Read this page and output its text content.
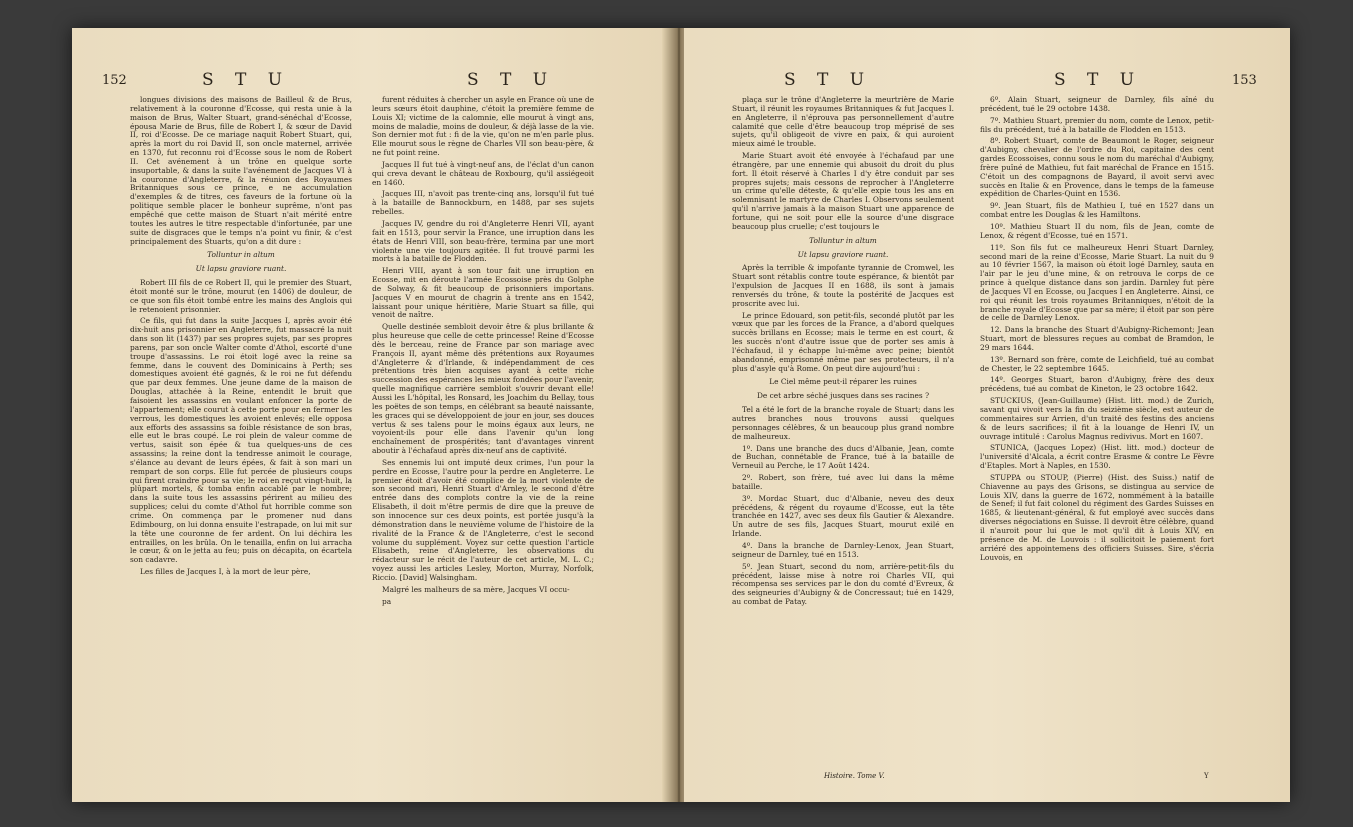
152	S T U	S T U

longues divisions des maisons de Bailleul & de Brus, relativement à la couronne d'Ecosse, qui resta unie à la maison de Brus, Walter Stuart, grand-sénéchal d'Ecosse, épousa Marie de Brus, fille de Robert I, & sœur de David II, roi d'Ecosse. De ce mariage naquit Robert Stuart, qui, après la mort du roi David II, son oncle maternel, arrivée en 1370, fut reconnu roi d'Ecosse sous le nom de Robert II. Cet avénement à un trône en quelque sorte insuportable, & dans la suite l'avénement de Jacques VI à la couronne d'Angleterre, & la réunion des Royaumes Britanniques sous ce prince, e ne accumulation d'exemples & de titres, ces faveurs de la fortune où la politique semble placer le bonheur suprême, n'ont pas empêché que cette maison de Stuart n'ait mérité entre toutes les autres le titre respectable d'infortunée, par une suite de disgraces que le temps n'a point vu finir, & c'est principalement des Stuarts, qu'on a dit dure :

Tolluntur in altum

Ut lapsu graviore ruant.

Robert III fils de ce Robert II, qui le premier des Stuart, étoit monté sur le trône, mourut (en 1406) de douleur, de ce que son fils étoit tombé entre les mains des Anglois qui le retenoient prisonnier.

Ce fils, qui fut dans la suite Jacques I, après avoir été dix-huit ans prisonnier en Angleterre, fut massacré la nuit dans son lit (1437) par ses propres sujets, par ses propres parens, par son oncle Walter comte d'Athol, escorté d'une troupe d'assassins. Le roi étoit logé avec la reine sa femme, dans le couvent des Dominicains à Perth; ses domestiques avoient été gagnés, & le roi ne fut défendu que par deux femmes. Une jeune dame de la maison de Douglas, attachée à la Reine, entendit le bruit que faisoient les assassins en voulant enfoncer la porte de l'appartement; elle courut à cette porte pour en fermer les verrous, les domestiques les avoient enlevés; elle opposa aux efforts des assassins sa foible résistance de son bras, elle eut le bras coupé. Le roi plein de valeur comme de vertus, saisit son épée & tua quelques-uns de ces assassins; la reine dont la tendresse animoit le courage, s'élance au devant de leurs épées, & fait à son mari un rempart de son corps. Elle fut percée de plusieurs coups qui firent craindre pour sa vie; le roi en reçut vingt-huit, la plûpart mortels, & tomba enfin accablé par le nombre; dans la suite tous les assassins périrent au milieu des supplices; celui du comte d'Athol fut horrible comme son crime. On commença par le promener nud dans Edimbourg, on lui donna ensuite l'estrapade, on lui mit sur la tête une couronne de fer ardent. On lui déchira les entrailles, on les brûla. On le tenailla, enfin on lui arracha le cœur, & on le jetta au feu; puis on décapita, on écartela son cadavre.

Les filles de Jacques I, à la mort de leur père,

furent réduites à chercher un asyle en France où une de leurs sœurs étoit dauphine, c'étoit la première femme de Louis XI; victime de la calomnie, elle mourut à vingt ans, moins de maladie, moins de douleur, & déjà lasse de la vie. Son dernier mot fut : fi de la vie, qu'on ne m'en parle plus. Elle mourut sous le règne de Charles VII son beau-père, & ne fut point reine.

Jacques II fut tué à vingt-neuf ans, de l'éclat d'un canon qui creva devant le château de Roxbourg, qu'il assiégeoit en 1460.

Jacques III, n'avoit pas trente-cinq ans, lorsqu'il fut tué à la bataille de Bannockburn, en 1488, par ses sujets rebelles.

Jacques IV, gendre du roi d'Angleterre Henri VII, ayant fait en 1513, pour servir la France, une irruption dans les états de Henri VIII, son beau-frère, termina par une mort violente une vie toujours agitée. Il fut trouvé parmi les morts à la bataille de Flodden.

Henri VIII, ayant à son tour fait une irruption en Ecosse, mit en déroute l'armée Ecossoise près du Golphe de Solway, & fit beaucoup de prisonniers importans. Jacques V en mourut de chagrin à trente ans en 1542, laissant pour unique héritière, Marie Stuart sa fille, qui venoit de naître.

Quelle destinée sembloit devoir être & plus brillante & plus heureuse que celle de cette princesse! Reine d'Ecosse dès le berceau, reine de France par son mariage avec François II, ayant même dès prétentions aux Royaumes d'Angleterre & d'Irlande, & indépendamment de ces prétentions très bien acquises ayant à cette riche succession des espérances les mieux fondées pour l'avenir, quelle magnifique carrière sembloit s'ouvrir devant elle! Aussi les L'hôpital, les Ronsard, les Joachim du Bellay, tous les poëtes de son temps, en célébrant sa beauté naissante, les graces qui se développoient de jour en jour, ses douces vertus & ses talens pour le moins égaux aux leurs, ne voyoient-ils pour elle dans l'avenir qu'un long enchaînement de prospérités; tant d'avantages vinrent aboutir à l'échafaud après dix-neuf ans de captivité.

Ses ennemis lui ont imputé deux crimes, l'un pour la perdre en Ecosse, l'autre pour la perdre en Angleterre. Le premier étoit d'avoir été complice de la mort violente de son second mari, Henri Stuart d'Arnley, le second d'être entrée dans des complots contre la vie de la reine Elisabeth, il doit m'être permis de dire que la preuve de son innocence sur ces deux points, est portée jusqu'à la démonstration dans le neuvième volume de l'histoire de la rivalité de la France & de l'Angleterre, c'est le second volume du supplément. Voyez sur cette question l'article Elisabeth, reine d'Angleterre, les observations du rédacteur sur le récit de l'auteur de cet article, M. L. C.; voyez aussi les articles Lesley, Morton, Murray, Norfolk, Riccio. [David] Walsingham.

Malgré les malheurs de sa mère, Jacques VI occu-

pa

S T U	S T U	153

plaça sur le trône d'Angleterre la meurtrière de Marie Stuart, il réunit les royaumes Britanniques & fut Jacques I. en Angleterre, il n'éprouva pas personnellement d'autre calamité que celle d'être beaucoup trop méprisé de ses sujets, qu'il obligeoit de vivre en paix, & qui auroient mieux aimé le trouble.

Marie Stuart avoit été envoyée à l'échafaud par une étrangère, par une ennemie qui abusoit du droit du plus fort. Il étoit réservé à Charles I d'y être conduit par ses propres sujets; mais cessons de reprocher à l'Angleterre un crime qu'elle déteste, & qu'elle expie tous les ans en solemnisant le martyre de Charles I. Observons seulement qu'il n'arrive jamais à la maison Stuart une apparence de fortune, qui ne soit pour elle la source d'une disgrace beaucoup plus cruelle; c'est toujours le

Tolluntur in altum

Ut lapsu graviore ruant.

Après la terrible & impofante tyrannie de Cromwel, les Stuart sont rétablis contre toute espérance, & bientôt par l'expulsion de Jacques II en 1688, ils sont à jamais renversés du trône, & toute la postérité de Jacques est proscrite avec lui.

Le prince Edouard, son petit-fils, secondé plutôt par les vœux que par les forces de la France, a d'abord quelques succès brillans en Ecosse; mais le terme en est court, & les succès n'ont d'autre issue que de porter ses amis à l'échafaud, il y échappe lui-même avec peine; bientôt abandonné, emprisonné même par ses protecteurs, il n'a plus d'asyle qu'à Rome. On peut dire aujourd'hui :

Le Ciel même peut-il réparer les ruines

De cet arbre séché jusques dans ses racines ?

Tel a été le fort de la branche royale de Stuart; dans les autres branches nous trouvons aussi quelques personnages célèbres, & un beaucoup plus grand nombre de malheureux.

1º. Dans une branche des ducs d'Albanie, Jean, comte de Buchan, connétable de France, tué à la bataille de Verneuil au Perche, le 17 Août 1424.

2º. Robert, son frère, tué avec lui dans la même bataille.

3º. Mordac Stuart, duc d'Albanie, neveu des deux précédens, & régent du royaume d'Ecosse, eut la tête tranchée en 1427, avec ses deux fils Gautier & Alexandre. Un autre de ses fils, Jacques Stuart, mourut exilé en Irlande.

4º. Dans la branche de Darnley-Lenox, Jean Stuart, seigneur de Darnley, tué en 1513.

5º. Jean Stuart, second du nom, arrière-petit-fils du précédent, laisse mise à notre roi Charles VII, qui récompensa ses services par le don du comté d'Evreux, & des seigneuries d'Aubigny & de Concressaut; tué en 1429, au combat de Patay.

6º. Alain Stuart, seigneur de Darnley, fils aîné du précédent, tué le 29 octobre 1438.

7º. Mathieu Stuart, premier du nom, comte de Lenox, petit-fils du précédent, tué à la bataille de Flodden en 1513.

8º. Robert Stuart, comte de Beaumont le Roger, seigneur d'Aubigny, chevalier de l'ordre du Roi, capitaine des cent gardes Ecossoises, connu sous le nom du maréchal d'Aubigny, frère puîné de Mathieu, fut fait maréchal de France en 1515. C'étoit un des compagnons de Bayard, il avoit servi avec succès en Italie & en Provence, dans le temps de la fameuse expédition de Charles-Quint en 1536.

9º. Jean Stuart, fils de Mathieu I, tué en 1527 dans un combat entre les Douglas & les Hamiltons.

10º. Mathieu Stuart II du nom, fils de Jean, comte de Lenox, & régent d'Ecosse, tué en 1571.

11º. Son fils fut ce malheureux Henri Stuart Darnley, second mari de la reine d'Ecosse, Marie Stuart. La nuit du 9 au 10 février 1567, la maison où étoit logé Darnley, sauta en l'air par le jeu d'une mine, & on retrouva le corps de ce prince à quelque distance dans son jardin. Darnley fut père de Jacques VI en Ecosse, ou Jacques I en Angleterre. Ainsi, ce roi qui réunit les trois royaumes Britanniques, n'étoit de la branche royale d'Ecosse que par sa mère; il étoit par son père de celle de Darnley Lenox.

12. Dans la branche des Stuart d'Aubigny-Richemont; Jean Stuart, mort de blessures reçues au combat de Bramdon, le 29 mars 1644.

13º. Bernard son frère, comte de Leichfield, tué au combat de Chester, le 22 septembre 1645.

14º. Georges Stuart, baron d'Aubigny, frère des deux précédens, tué au combat de Kineton, le 23 octobre 1642.

STUCKIUS, (Jean-Guillaume) (Hist. litt. mod.) de Zurich, savant qui vivoit vers la fin du seizième siècle, est auteur de commentaires sur Arrien, d'un traité des festins des anciens & de leurs sacrifices; il fit à la louange de Henri IV, un ouvrage intitulé : Carolus Magnus redivivus. Mort en 1607.

STUNICA, (Jacques Lopez) (Hist. litt. mod.) docteur de l'université d'Alcala, a écrit contre Erasme & contre Le Fèvre d'Etaples. Mort à Naples, en 1530.

STUPPA ou STOUP, (Pierre) (Hist. des Suiss.) natif de Chiavenne au pays des Grisons, se distingua au service de Louis XIV, dans la guerre de 1672, nommément à la bataille de Senef; il fut fait colonel du régiment des Gardes Suisses en 1685, & lieutenant-général, & fut employé avec succès dans diverses négociations en Suisse. Il devroit être célèbre, quand il n'auroit pour lui que le mot qu'il dit à Louis XIV, en présence de M. de Louvois : il sollicitoit le paiement fort arriéré des appointemens des officiers Suisses. Sire, s'écria Louvois, en

Histoire. Tome V.	Y
